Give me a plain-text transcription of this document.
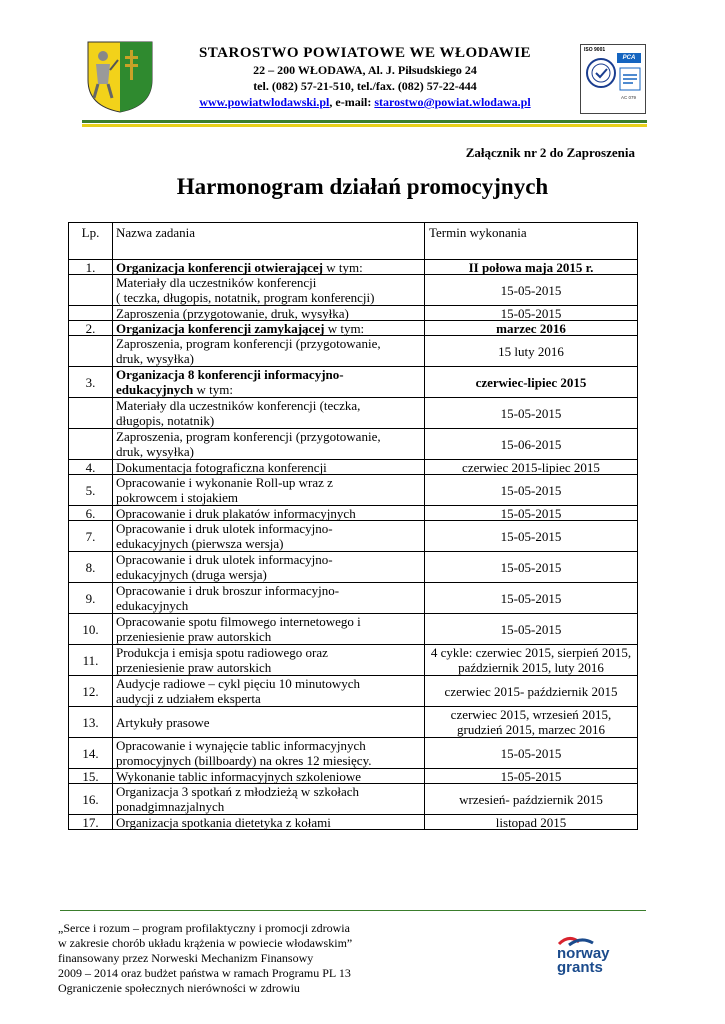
STAROSTWO POWIATOWE WE WŁODAWIE
22 – 200 WŁODAWA, Al. J. Piłsudskiego 24
tel. (082) 57-21-510, tel./fax. (082) 57-22-444
www.powiatwlodawski.pl, e-mail: starostwo@powiat.wlodawa.pl
ISO 9001
PCA
AC 079
Załącznik nr 2 do Zaproszenia
Harmonogram działań promocyjnych
Lp.	Nazwa zadania	Termin wykonania
1.	Organizacja konferencji otwierającej w tym:	II połowa maja 2015 r.
	Materiały dla uczestników konferencji
( teczka, długopis, notatnik, program konferencji)	15-05-2015
	Zaproszenia (przygotowanie, druk, wysyłka)	15-05-2015
2.	Organizacja konferencji zamykającej w tym:	marzec 2016
	Zaproszenia, program konferencji (przygotowanie,
druk, wysyłka)	15 luty 2016
3.	Organizacja 8 konferencji informacyjno-
edukacyjnych w tym:	czerwiec-lipiec 2015
	Materiały dla uczestników konferencji (teczka,
długopis, notatnik)	15-05-2015
	Zaproszenia, program konferencji (przygotowanie,
druk, wysyłka)	15-06-2015
4.	Dokumentacja fotograficzna konferencji	czerwiec 2015-lipiec 2015
5.	Opracowanie i wykonanie Roll-up wraz z
pokrowcem i stojakiem	15-05-2015
6.	Opracowanie i druk plakatów informacyjnych	15-05-2015
7.	Opracowanie i druk ulotek informacyjno-
edukacyjnych (pierwsza wersja)	15-05-2015
8.	Opracowanie i druk ulotek informacyjno-
edukacyjnych (druga wersja)	15-05-2015
9.	Opracowanie i druk broszur informacyjno-
edukacyjnych	15-05-2015
10.	Opracowanie spotu filmowego internetowego i
przeniesienie praw autorskich	15-05-2015
11.	Produkcja i emisja spotu radiowego oraz
przeniesienie praw autorskich	4 cykle: czerwiec 2015, sierpień 2015,
październik 2015, luty 2016
12.	Audycje radiowe – cykl pięciu 10 minutowych
audycji z udziałem eksperta	czerwiec 2015- październik 2015
13.	Artykuły prasowe	czerwiec 2015, wrzesień 2015,
grudzień 2015, marzec 2016
14.	Opracowanie i wynajęcie tablic informacyjnych
promocyjnych (billboardy) na okres 12 miesięcy.	15-05-2015
15.	Wykonanie tablic informacyjnych szkoleniowe	15-05-2015
16.	Organizacja 3 spotkań z młodzieżą w szkołach
ponadgimnazjalnych	wrzesień- październik 2015
17.	Organizacja spotkania dietetyka z kołami	listopad 2015
„Serce i rozum – program profilaktyczny i promocji zdrowia
w zakresie chorób układu krążenia w powiecie włodawskim”
finansowany przez Norweski Mechanizm Finansowy
2009 – 2014 oraz budżet państwa w ramach Programu PL 13
Ograniczenie społecznych nierówności w zdrowiu
norway
grants
